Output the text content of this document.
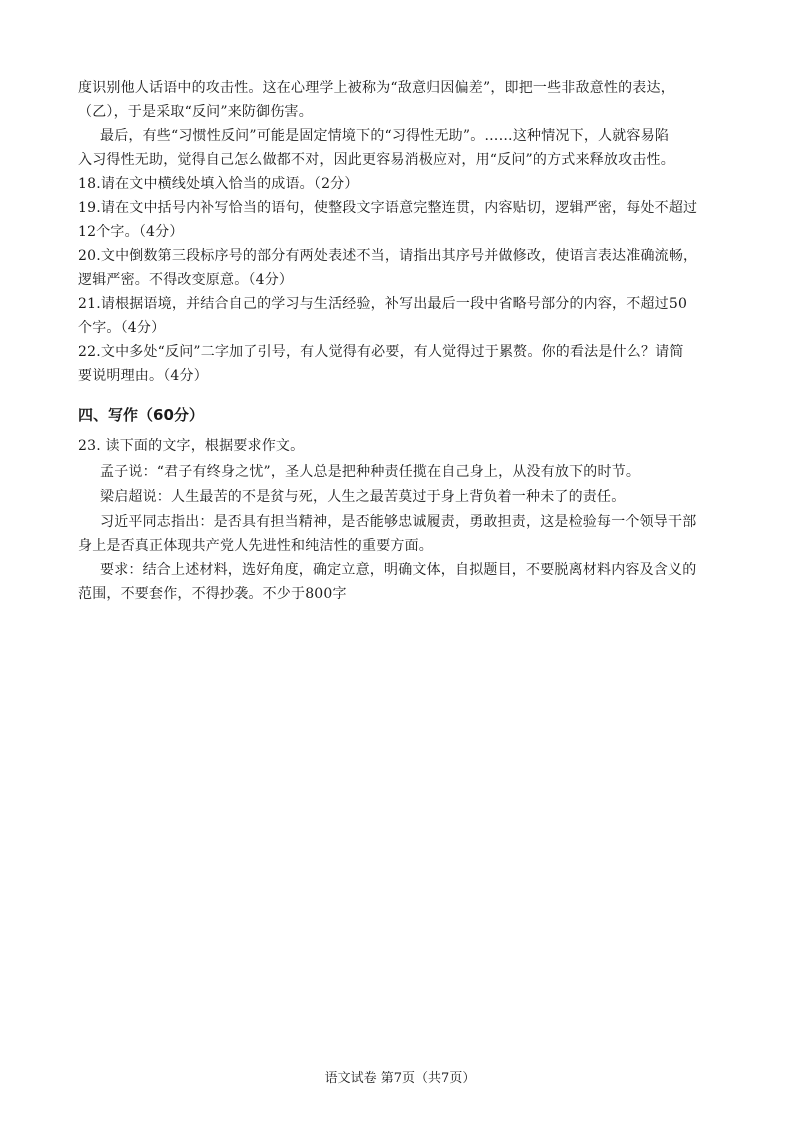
度识别他人话语中的攻击性。这在心理学上被称为“敌意归因偏差”，即把一些非敌意性的表达，
（乙），于是采取“反问”来防御伤害。
最后，有些“习惯性反问”可能是固定情境下的“习得性无助”。……这种情况下，人就容易陷
入习得性无助，觉得自己怎么做都不对，因此更容易消极应对，用“反问”的方式来释放攻击性。
18.请在文中横线处填入恰当的成语。（2分）
19.请在文中括号内补写恰当的语句，使整段文字语意完整连贯，内容贴切，逻辑严密，每处不超过
12个字。（4分）
20.文中倒数第三段标序号的部分有两处表述不当，请指出其序号并做修改，使语言表达准确流畅，
逻辑严密。不得改变原意。（4分）
21.请根据语境，并结合自己的学习与生活经验，补写出最后一段中省略号部分的内容，不超过50
个字。（4分）
22.文中多处“反问”二字加了引号，有人觉得有必要，有人觉得过于累赘。你的看法是什么？请简
要说明理由。（4分）
四、写作（60分）
23. 读下面的文字，根据要求作文。
孟子说：“君子有终身之忧”，圣人总是把种种责任揽在自己身上，从没有放下的时节。
梁启超说：人生最苦的不是贫与死，人生之最苦莫过于身上背负着一种未了的责任。
习近平同志指出：是否具有担当精神，是否能够忠诚履责，勇敢担责，这是检验每一个领导干部
身上是否真正体现共产党人先进性和纯洁性的重要方面。
要求：结合上述材料，选好角度，确定立意，明确文体，自拟题目，不要脱离材料内容及含义的
范围，不要套作，不得抄袭。不少于800字
语文试卷 第7页（共7页）
